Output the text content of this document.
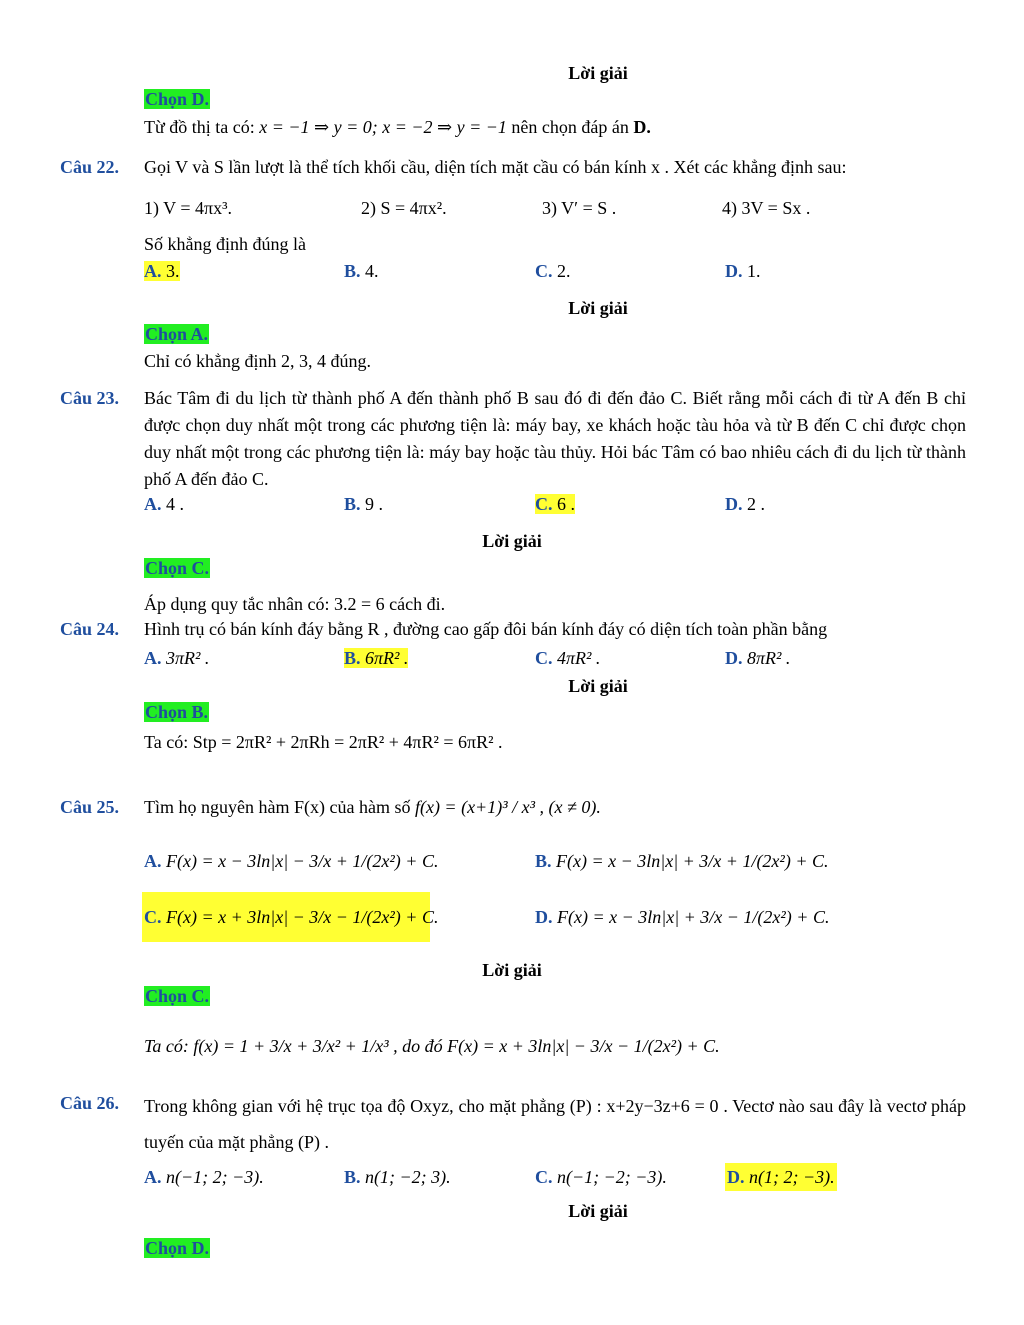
Lời giải
Chọn D.
Từ đồ thị ta có: x = −1 ⇒ y = 0; x = −2 ⇒ y = −1 nên chọn đáp án D.
Câu 22. Gọi V và S lần lượt là thể tích khối cầu, diện tích mặt cầu có bán kính x . Xét các khẳng định sau:
1) V = 4πx³.	2) S = 4πx².	3) V′ = S .	4) 3V = Sx .
Số khẳng định đúng là
A. 3.	B. 4.	C. 2.	D. 1.
Lời giải
Chọn A.
Chỉ có khẳng định 2, 3, 4 đúng.
Câu 23. Bác Tâm đi du lịch từ thành phố A đến thành phố B sau đó đi đến đảo C. Biết rằng mỗi cách đi từ A đến B chỉ được chọn duy nhất một trong các phương tiện là: máy bay, xe khách hoặc tàu hỏa và từ B đến C chỉ được chọn duy nhất một trong các phương tiện là: máy bay hoặc tàu thủy. Hỏi bác Tâm có bao nhiêu cách đi du lịch từ thành phố A đến đảo C.
A. 4 .	B. 9 .	C. 6 .	D. 2 .
Lời giải
Chọn C.
Áp dụng quy tắc nhân có: 3.2 = 6 cách đi.
Câu 24. Hình trụ có bán kính đáy bằng R , đường cao gấp đôi bán kính đáy có diện tích toàn phần bằng
A. 3πR² .	B. 6πR² .	C. 4πR² .	D. 8πR² .
Lời giải
Chọn B.
Ta có: Stp = 2πR² + 2πRh = 2πR² + 4πR² = 6πR² .
Câu 25. Tìm họ nguyên hàm F(x) của hàm số f(x) = (x+1)³ / x³ , (x ≠ 0).
A. F(x) = x − 3ln|x| − 3/x + 1/(2x²) + C.	B. F(x) = x − 3ln|x| + 3/x + 1/(2x²) + C.
C. F(x) = x + 3ln|x| − 3/x − 1/(2x²) + C.	D. F(x) = x − 3ln|x| + 3/x − 1/(2x²) + C.
Lời giải
Chọn C.
Ta có: f(x) = 1 + 3/x + 3/x² + 1/x³ , do đó F(x) = x + 3ln|x| − 3/x − 1/(2x²) + C.
Câu 26. Trong không gian với hệ trục tọa độ Oxyz, cho mặt phẳng (P) : x+2y−3z+6 = 0 . Vectơ nào sau đây là vectơ pháp tuyến của mặt phẳng (P) .
A. n(−1; 2; −3).	B. n(1; −2; 3).	C. n(−1; −2; −3).	D. n(1; 2; −3).
Lời giải
Chọn D.
